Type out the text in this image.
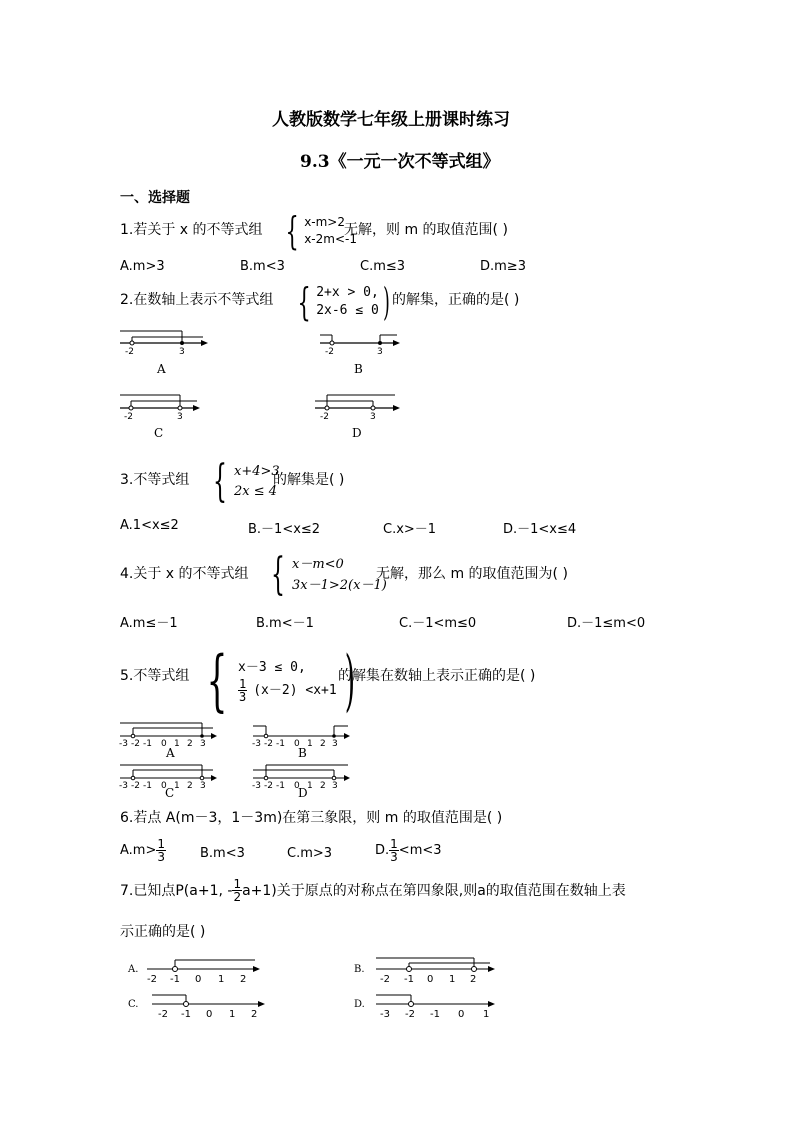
人教版数学七年级上册课时练习
9.3《一元一次不等式组》
一、选择题
1.若关于 x 的不等式组 { x-m>2
x-2m<-1
无解，则 m 的取值范围( )
A.m>3	B.m<3	C.m≤3	D.m≥3
2.在数轴上表示不等式组 { 2+x > 0,
2x-6 ≤ 0 ) 的解集，正确的是( )
-2	3
A
-2	3
B
-2	3
C
-2	3
D
3.不等式组 { x+4>3
2x ≤ 4
的解集是( )
A.1<x≤2	B.－1<x≤2	C.x>－1	D.－1<x≤4
4.关于 x 的不等式组 { x－m<0
3x－1>2(x－1)
无解，那么 m 的取值范围为( )
A.m≤－1	B.m<－1	C.－1<m≤0	D.－1≤m<0
5.不等式组 { x－3 ≤ 0,
$\frac{1}{3} (x-2) <x+1$ )
的解集在数轴上表示正确的是( )
-3 -2 -1 0 1 2 3
A
-3 -2 -1 0 1 2 3
B
-3 -2 -1 0 1 2 3
C	-3 -2 -1 0 1 2 3
D
6.若点 A(m－3，1－3m)在第三象限，则 m 的取值范围是( )
$A.m> \frac{1}{3}$	B.m<3	C.m>3	D. $\frac{1}{3} <m<3$
7.已知点P(a+1, - $\frac{1}{2} a+1$)关于原点的对称点在第四象限,则a的取值范围在数轴上表
示正确的是( )
A.
-2 -1 0 1 2
B.
-2 -1 0 1 2
C.
-2 -1 0 1 2
D.
-3 -2 -1 0 1
